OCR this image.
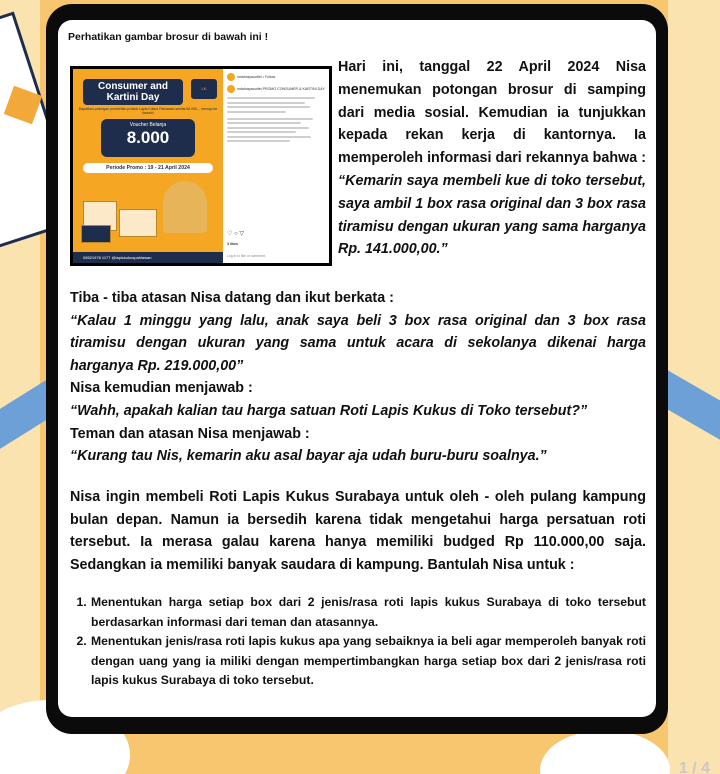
Perhatikan gambar brosur di bawah ini !
Consumer and Kartini Day
LK
Dapatkan potongan pembelian produk Lapis Kukus Pahlawan senilai 50.000, - menuju ke bawah!
Voucher Belanja
8.000
Periode Promo : 19 - 21 April 2024
08521978 1177 @lapiskukuspahlawan
indahrayaoutlet • Follow
indahrayaoutlet PROMO CONSUMER & KARTINI DAY
♡ ○ ▽
3 likes
Log in to like or comment.
Hari ini, tanggal 22 April 2024 Nisa menemukan potongan brosur di samping dari media sosial. Kemudian ia tunjukkan kepada rekan kerja di kantornya. Ia memperoleh informasi dari rekannya bahwa : “Kemarin saya membeli kue di toko tersebut, saya ambil 1 box rasa original dan 3 box rasa tiramisu dengan ukuran yang sama harganya Rp. 141.000,00.”

Tiba - tiba atasan Nisa datang dan ikut berkata :

“Kalau 1 minggu yang lalu, anak saya beli 3 box rasa original dan 3 box rasa tiramisu dengan ukuran yang sama untuk acara di sekolanya dikenai harga harganya Rp. 219.000,00”

Nisa kemudian menjawab :

“Wahh, apakah kalian tau harga satuan Roti Lapis Kukus di Toko tersebut?”

Teman dan atasan Nisa menjawab :

“Kurang tau Nis, kemarin aku asal bayar aja udah buru-buru soalnya.”

Nisa ingin membeli Roti Lapis Kukus Surabaya untuk oleh - oleh pulang kampung bulan depan. Namun ia bersedih karena tidak mengetahui harga persatuan roti tersebut. Ia merasa galau karena hanya memiliki budged Rp 110.000,00 saja. Sedangkan ia memiliki banyak saudara di kampung. Bantulah Nisa untuk :

1. Menentukan harga setiap box dari 2 jenis/rasa roti lapis kukus Surabaya di toko tersebut berdasarkan informasi dari teman dan atasannya.
2. Menentukan jenis/rasa roti lapis kukus apa yang sebaiknya ia beli agar memperoleh banyak roti dengan uang yang ia miliki dengan mempertimbangkan harga setiap box dari 2 jenis/rasa roti lapis kukus Surabaya di toko tersebut.
1 / 4
